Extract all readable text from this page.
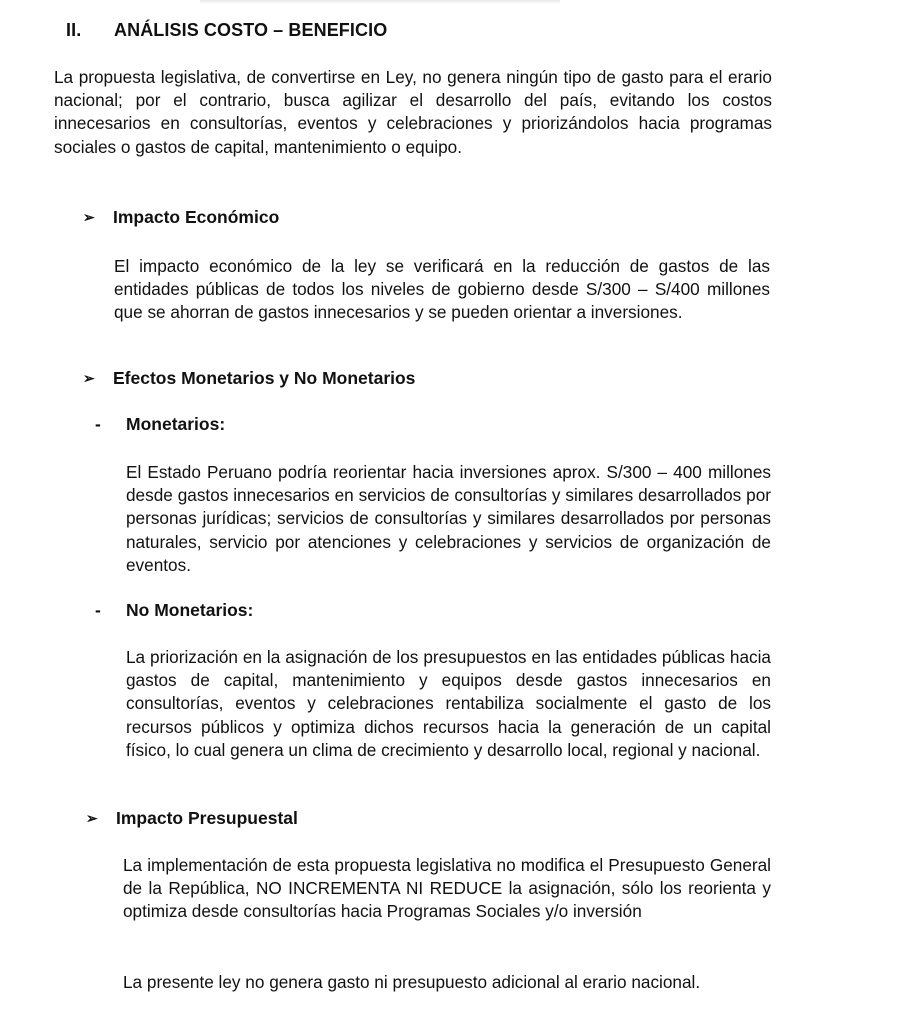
II. ANÁLISIS COSTO – BENEFICIO

La propuesta legislativa, de convertirse en Ley, no genera ningún tipo de gasto para el erario nacional; por el contrario, busca agilizar el desarrollo del país, evitando los costos innecesarios en consultorías, eventos y celebraciones y priorizándolos hacia programas sociales o gastos de capital, mantenimiento o equipo.

➢ Impacto Económico

El impacto económico de la ley se verificará en la reducción de gastos de las entidades públicas de todos los niveles de gobierno desde S/300 – S/400 millones que se ahorran de gastos innecesarios y se pueden orientar a inversiones.

➢ Efectos Monetarios y No Monetarios
- Monetarios:

El Estado Peruano podría reorientar hacia inversiones aprox. S/300 – 400 millones desde gastos innecesarios en servicios de consultorías y similares desarrollados por personas jurídicas; servicios de consultorías y similares desarrollados por personas naturales, servicio por atenciones y celebraciones y servicios de organización de eventos.

- No Monetarios:

La priorización en la asignación de los presupuestos en las entidades públicas hacia gastos de capital, mantenimiento y equipos desde gastos innecesarios en consultorías, eventos y celebraciones rentabiliza socialmente el gasto de los recursos públicos y optimiza dichos recursos hacia la generación de un capital físico, lo cual genera un clima de crecimiento y desarrollo local, regional y nacional.

➢ Impacto Presupuestal

La implementación de esta propuesta legislativa no modifica el Presupuesto General de la República, NO INCREMENTA NI REDUCE la asignación, sólo los reorienta y optimiza desde consultorías hacia Programas Sociales y/o inversión

La presente ley no genera gasto ni presupuesto adicional al erario nacional.
